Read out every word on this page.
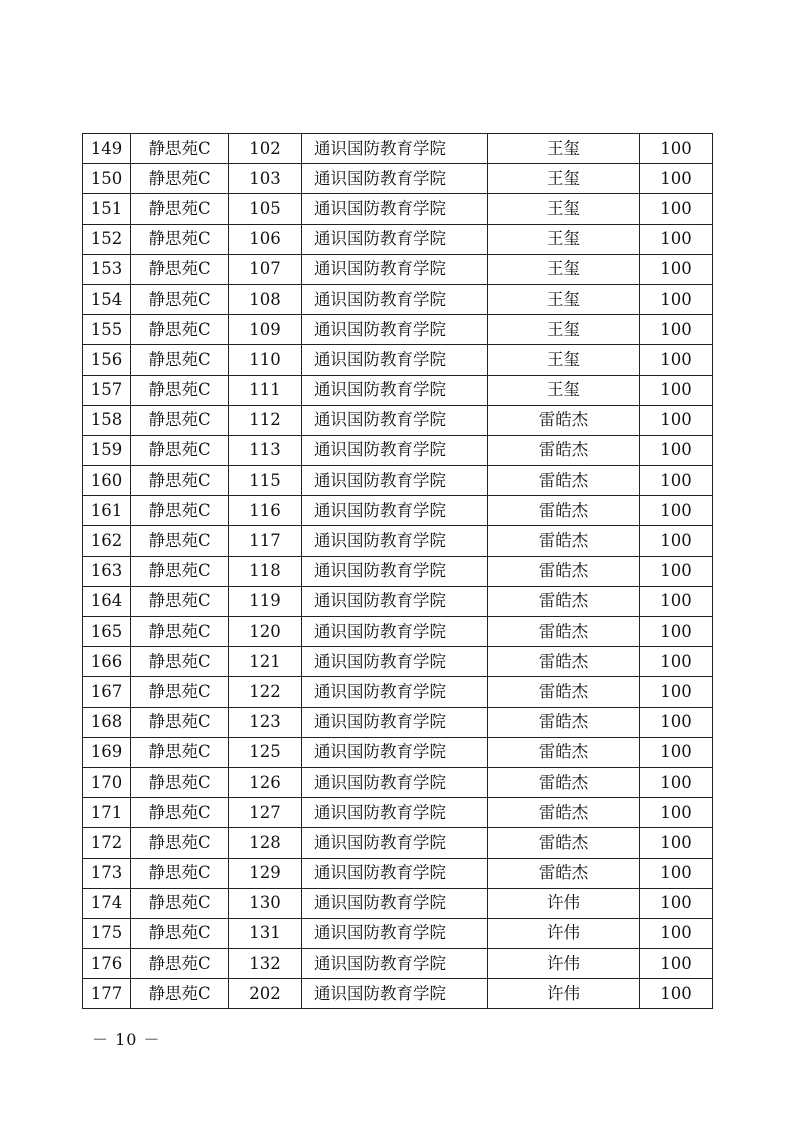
149	静思苑C	102	通识国防教育学院	王玺	100
150	静思苑C	103	通识国防教育学院	王玺	100
151	静思苑C	105	通识国防教育学院	王玺	100
152	静思苑C	106	通识国防教育学院	王玺	100
153	静思苑C	107	通识国防教育学院	王玺	100
154	静思苑C	108	通识国防教育学院	王玺	100
155	静思苑C	109	通识国防教育学院	王玺	100
156	静思苑C	110	通识国防教育学院	王玺	100
157	静思苑C	111	通识国防教育学院	王玺	100
158	静思苑C	112	通识国防教育学院	雷皓杰	100
159	静思苑C	113	通识国防教育学院	雷皓杰	100
160	静思苑C	115	通识国防教育学院	雷皓杰	100
161	静思苑C	116	通识国防教育学院	雷皓杰	100
162	静思苑C	117	通识国防教育学院	雷皓杰	100
163	静思苑C	118	通识国防教育学院	雷皓杰	100
164	静思苑C	119	通识国防教育学院	雷皓杰	100
165	静思苑C	120	通识国防教育学院	雷皓杰	100
166	静思苑C	121	通识国防教育学院	雷皓杰	100
167	静思苑C	122	通识国防教育学院	雷皓杰	100
168	静思苑C	123	通识国防教育学院	雷皓杰	100
169	静思苑C	125	通识国防教育学院	雷皓杰	100
170	静思苑C	126	通识国防教育学院	雷皓杰	100
171	静思苑C	127	通识国防教育学院	雷皓杰	100
172	静思苑C	128	通识国防教育学院	雷皓杰	100
173	静思苑C	129	通识国防教育学院	雷皓杰	100
174	静思苑C	130	通识国防教育学院	许伟	100
175	静思苑C	131	通识国防教育学院	许伟	100
176	静思苑C	132	通识国防教育学院	许伟	100
177	静思苑C	202	通识国防教育学院	许伟	100
－ 10 －
